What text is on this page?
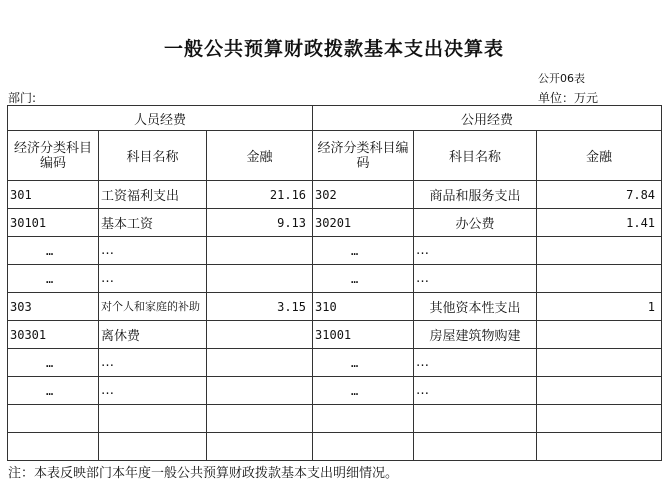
一般公共预算财政拨款基本支出决算表
公开06表
部门:	单位：万元
人员经费			公用经费		
经济分类科目编码	科目名称	金融	经济分类科目编码	科目名称	金融
301	工资福利支出	21.16	302	商品和服务支出	7.84
30101	基本工资	9.13	30201	办公费	1.41
…	…		…	…	
…	…		…	…	
303	对个人和家庭的补助	3.15	310	其他资本性支出	1
30301	离休费		31001	房屋建筑物购建	
…	…		…	…	
…	…		…	…	

注：本表反映部门本年度一般公共预算财政拨款基本支出明细情况。
